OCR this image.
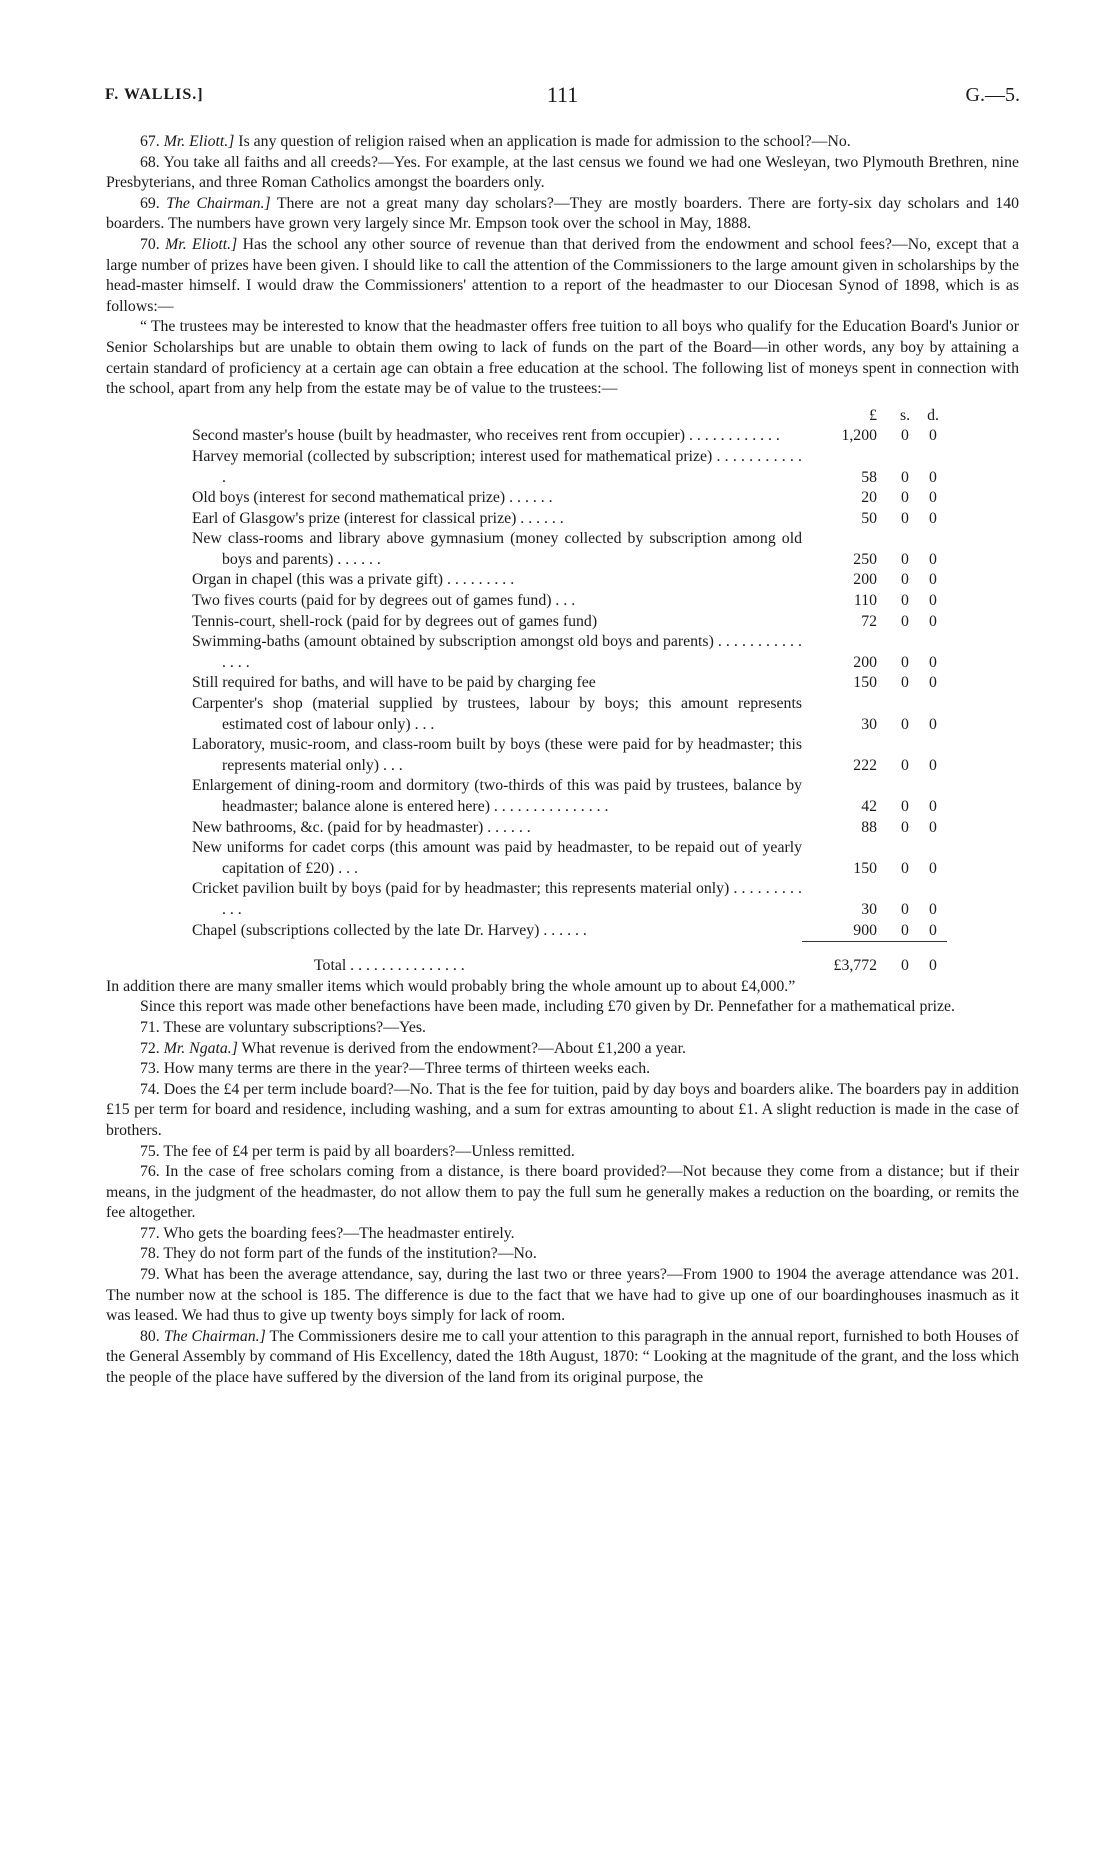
F. WALLIS.]	111	G.—5.

67. Mr. Eliott.] Is any question of religion raised when an application is made for admission to the school?—No.

68. You take all faiths and all creeds?—Yes. For example, at the last census we found we had one Wesleyan, two Plymouth Brethren, nine Presbyterians, and three Roman Catholics amongst the boarders only.

69. The Chairman.] There are not a great many day scholars?—They are mostly boarders. There are forty-six day scholars and 140 boarders. The numbers have grown very largely since Mr. Empson took over the school in May, 1888.

70. Mr. Eliott.] Has the school any other source of revenue than that derived from the endowment and school fees?—No, except that a large number of prizes have been given. I should like to call the attention of the Commissioners to the large amount given in scholarships by the head-master himself. I would draw the Commissioners' attention to a report of the headmaster to our Diocesan Synod of 1898, which is as follows:—

“ The trustees may be interested to know that the headmaster offers free tuition to all boys who qualify for the Education Board's Junior or Senior Scholarships but are unable to obtain them owing to lack of funds on the part of the Board—in other words, any boy by attaining a certain standard of proficiency at a certain age can obtain a free education at the school. The following list of moneys spent in connection with the school, apart from any help from the estate may be of value to the trustees:—

	£	s.	d.

Second master's house (built by headmaster, who receives rent from occupier) . . . . . . . . . . . .	1,200	0	0

Harvey memorial (collected by subscription; interest used for mathematical prize) . . . . . . . . . . . .	58	0	0

Old boys (interest for second mathematical prize) . . . . . .	20	0	0

Earl of Glasgow's prize (interest for classical prize) . . . . . .	50	0	0

New class-rooms and library above gymnasium (money collected by subscription among old boys and parents) . . . . . .	250	0	0

Organ in chapel (this was a private gift) . . . . . . . . .	200	0	0

Two fives courts (paid for by degrees out of games fund) . . .	110	0	0

Tennis-court, shell-rock (paid for by degrees out of games fund)	72	0	0

Swimming-baths (amount obtained by subscription amongst old boys and parents) . . . . . . . . . . . . . . .	200	0	0

Still required for baths, and will have to be paid by charging fee	150	0	0

Carpenter's shop (material supplied by trustees, labour by boys; this amount represents estimated cost of labour only) . . .	30	0	0

Laboratory, music-room, and class-room built by boys (these were paid for by headmaster; this represents material only) . . .	222	0	0

Enlargement of dining-room and dormitory (two-thirds of this was paid by trustees, balance by headmaster; balance alone is entered here) . . . . . . . . . . . . . . .	42	0	0

New bathrooms, &c. (paid for by headmaster) . . . . . .	88	0	0

New uniforms for cadet corps (this amount was paid by headmaster, to be repaid out of yearly capitation of £20) . . .	150	0	0

Cricket pavilion built by boys (paid for by headmaster; this represents material only) . . . . . . . . . . . .	30	0	0

Chapel (subscriptions collected by the late Dr. Harvey) . . . . . .	900	0	0

Total . . . . . . . . . . . . . . .	£3,772	0	0

In addition there are many smaller items which would probably bring the whole amount up to about £4,000.”

Since this report was made other benefactions have been made, including £70 given by Dr. Pennefather for a mathematical prize.

71. These are voluntary subscriptions?—Yes.

72. Mr. Ngata.] What revenue is derived from the endowment?—About £1,200 a year.

73. How many terms are there in the year?—Three terms of thirteen weeks each.

74. Does the £4 per term include board?—No. That is the fee for tuition, paid by day boys and boarders alike. The boarders pay in addition £15 per term for board and residence, including washing, and a sum for extras amounting to about £1. A slight reduction is made in the case of brothers.

75. The fee of £4 per term is paid by all boarders?—Unless remitted.

76. In the case of free scholars coming from a distance, is there board provided?—Not because they come from a distance; but if their means, in the judgment of the headmaster, do not allow them to pay the full sum he generally makes a reduction on the boarding, or remits the fee altogether.

77. Who gets the boarding fees?—The headmaster entirely.

78. They do not form part of the funds of the institution?—No.

79. What has been the average attendance, say, during the last two or three years?—From 1900 to 1904 the average attendance was 201. The number now at the school is 185. The difference is due to the fact that we have had to give up one of our boardinghouses inasmuch as it was leased. We had thus to give up twenty boys simply for lack of room.

80. The Chairman.] The Commissioners desire me to call your attention to this paragraph in the annual report, furnished to both Houses of the General Assembly by command of His Excellency, dated the 18th August, 1870: “ Looking at the magnitude of the grant, and the loss which the people of the place have suffered by the diversion of the land from its original purpose, the
